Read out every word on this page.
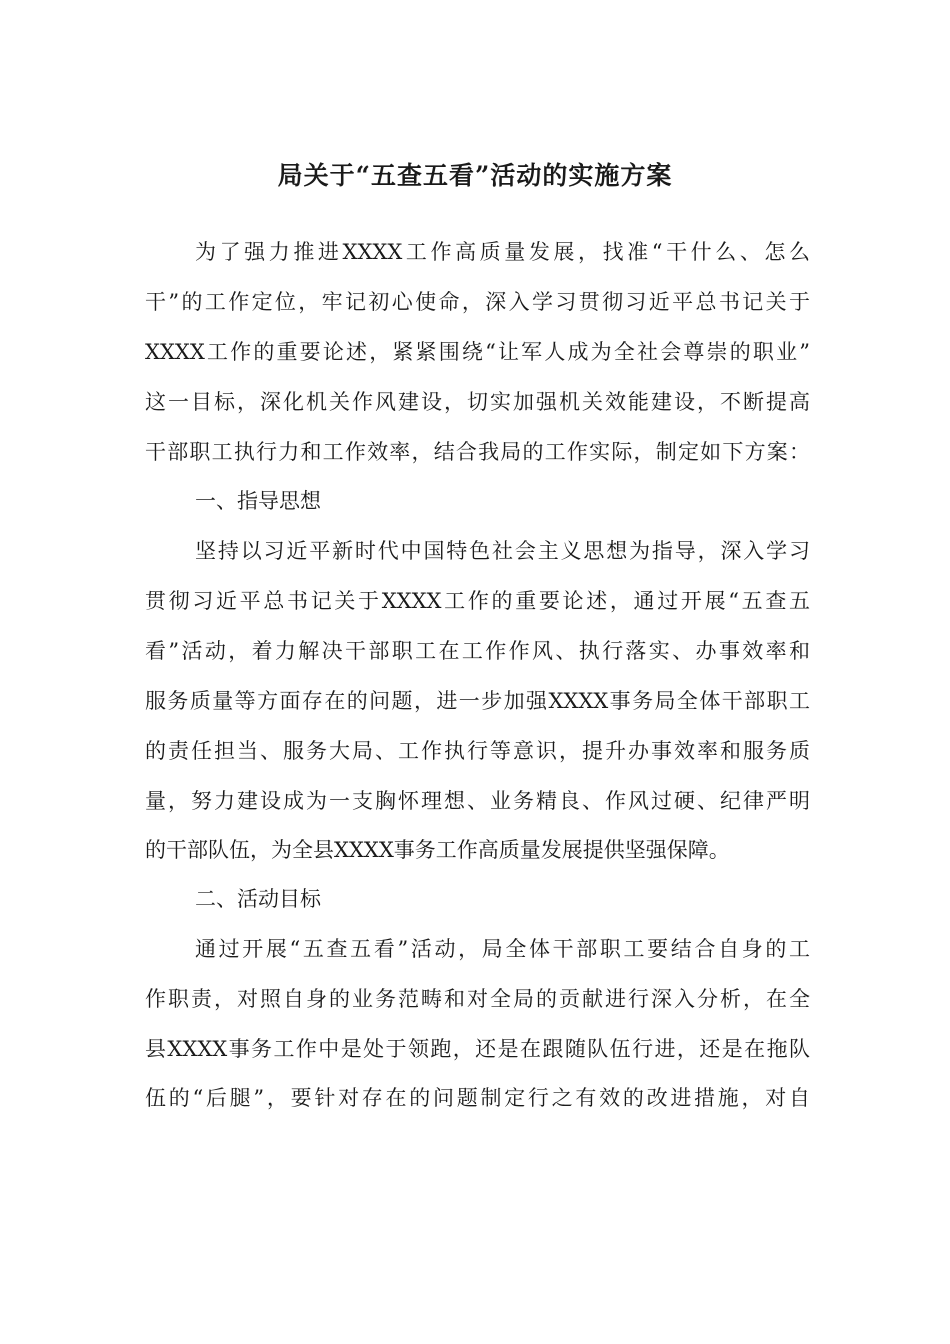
局关于“五查五看”活动的实施方案

为了强力推进XXXX工作高质量发展，找准“干什么、怎么

干”的工作定位，牢记初心使命，深入学习贯彻习近平总书记关于

XXXX工作的重要论述，紧紧围绕“让军人成为全社会尊崇的职业”

这一目标，深化机关作风建设，切实加强机关效能建设，不断提高

干部职工执行力和工作效率，结合我局的工作实际，制定如下方案：

一、指导思想

坚持以习近平新时代中国特色社会主义思想为指导，深入学习

贯彻习近平总书记关于XXXX工作的重要论述，通过开展“五查五

看”活动，着力解决干部职工在工作作风、执行落实、办事效率和

服务质量等方面存在的问题，进一步加强XXXX事务局全体干部职工

的责任担当、服务大局、工作执行等意识，提升办事效率和服务质

量，努力建设成为一支胸怀理想、业务精良、作风过硬、纪律严明

的干部队伍，为全县XXXX事务工作高质量发展提供坚强保障。

二、活动目标

通过开展“五查五看”活动，局全体干部职工要结合自身的工

作职责，对照自身的业务范畴和对全局的贡献进行深入分析，在全

县XXXX事务工作中是处于领跑，还是在跟随队伍行进，还是在拖队

伍的“后腿”，要针对存在的问题制定行之有效的改进措施，对自
